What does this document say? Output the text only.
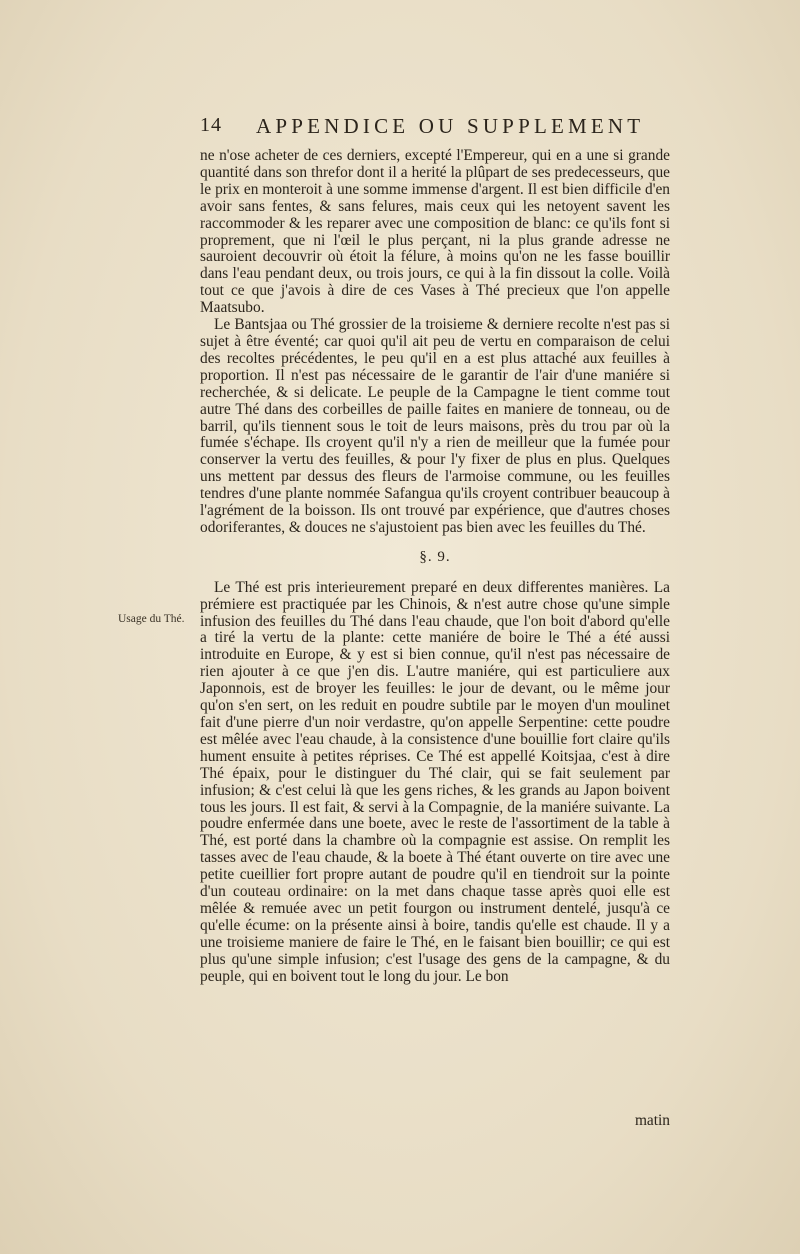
14 APPENDICE OU SUPPLEMENT

ne n'ose acheter de ces derniers, excepté l'Empereur, qui en a une si grande quantité dans son threfor dont il a herité la plûpart de ses predecesseurs, que le prix en monteroit à une somme immense d'argent. Il est bien difficile d'en avoir sans fentes, & sans felures, mais ceux qui les netoyent savent les raccommoder & les reparer avec une composition de blanc: ce qu'ils font si proprement, que ni l'œil le plus perçant, ni la plus grande adresse ne sauroient decouvrir où étoit la félure, à moins qu'on ne les fasse bouillir dans l'eau pendant deux, ou trois jours, ce qui à la fin dissout la colle. Voilà tout ce que j'avois à dire de ces Vases à Thé precieux que l'on appelle Maatsubo.

Le Bantsjaa ou Thé grossier de la troisieme & derniere recolte n'est pas si sujet à être éventé; car quoi qu'il ait peu de vertu en comparaison de celui des recoltes précédentes, le peu qu'il en a est plus attaché aux feuilles à proportion. Il n'est pas nécessaire de le garantir de l'air d'une maniére si recherchée, & si delicate. Le peuple de la Campagne le tient comme tout autre Thé dans des corbeilles de paille faites en maniere de tonneau, ou de barril, qu'ils tiennent sous le toit de leurs maisons, près du trou par où la fumée s'échape. Ils croyent qu'il n'y a rien de meilleur que la fumée pour conserver la vertu des feuilles, & pour l'y fixer de plus en plus. Quelques uns mettent par dessus des fleurs de l'armoise commune, ou les feuilles tendres d'une plante nommée Safangua qu'ils croyent contribuer beaucoup à l'agrément de la boisson. Ils ont trouvé par expérience, que d'autres choses odoriferantes, & douces ne s'ajustoient pas bien avec les feuilles du Thé.

§. 9.

Le Thé est pris interieurement preparé en deux differentes manières. La prémiere est practiquée par les Chinois, & n'est autre chose qu'une simple infusion des feuilles du Thé dans l'eau chaude, que l'on boit d'abord qu'elle a tiré la vertu de la plante: cette maniére de boire le Thé a été aussi introduite en Europe, & y est si bien connue, qu'il n'est pas nécessaire de rien ajouter à ce que j'en dis. L'autre maniére, qui est particuliere aux Japonnois, est de broyer les feuilles: le jour de devant, ou le même jour qu'on s'en sert, on les reduit en poudre subtile par le moyen d'un moulinet fait d'une pierre d'un noir verdastre, qu'on appelle Serpentine: cette poudre est mêlée avec l'eau chaude, à la consistence d'une bouillie fort claire qu'ils hument ensuite à petites réprises. Ce Thé est appellé Koitsjaa, c'est à dire Thé épaix, pour le distinguer du Thé clair, qui se fait seulement par infusion; & c'est celui là que les gens riches, & les grands au Japon boivent tous les jours. Il est fait, & servi à la Compagnie, de la maniére suivante. La poudre enfermée dans une boete, avec le reste de l'assortiment de la table à Thé, est porté dans la chambre où la compagnie est assise. On remplit les tasses avec de l'eau chaude, & la boete à Thé étant ouverte on tire avec une petite cueillier fort propre autant de poudre qu'il en tiendroit sur la pointe d'un couteau ordinaire: on la met dans chaque tasse après quoi elle est mêlée & remuée avec un petit fourgon ou instrument dentelé, jusqu'à ce qu'elle écume: on la présente ainsi à boire, tandis qu'elle est chaude. Il y a une troisieme maniere de faire le Thé, en le faisant bien bouillir; ce qui est plus qu'une simple infusion; c'est l'usage des gens de la campagne, & du peuple, qui en boivent tout le long du jour. Le bon

Usage du Thé.
matin
